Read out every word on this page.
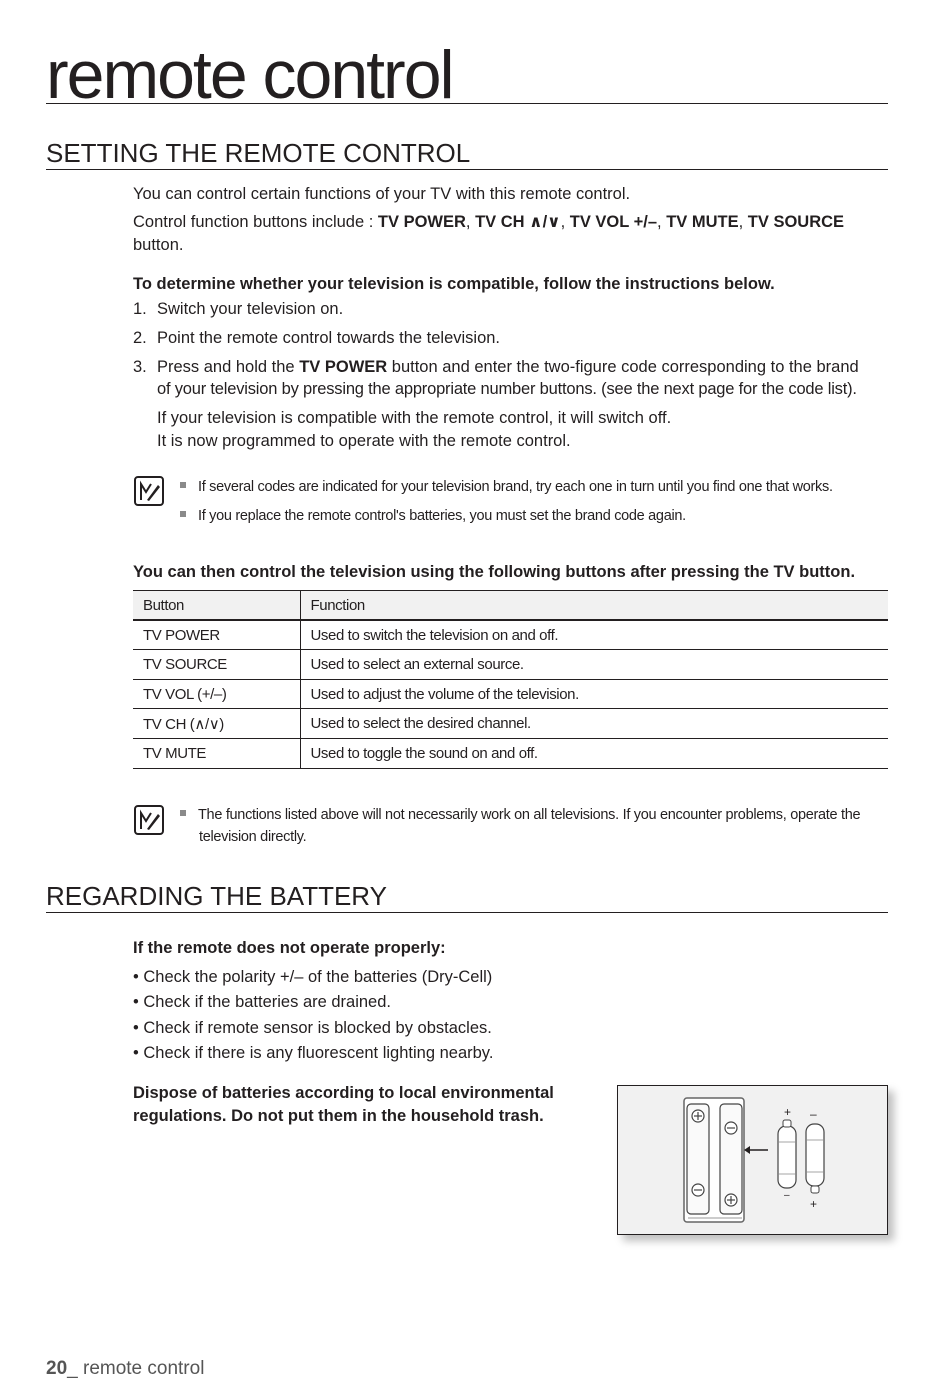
remote control
SETTING THE REMOTE CONTROL
You can control certain functions of your TV with this remote control.
Control function buttons include : TV POWER, TV CH ∧/∨, TV VOL +/–, TV MUTE, TV SOURCE
button.
To determine whether your television is compatible, follow the instructions below.
1. Switch your television on.
2. Point the remote control towards the television.
3. Press and hold the TV POWER button and enter the two-figure code corresponding to the brand
of your television by pressing the appropriate number buttons. (see the next page for the code list).
If your television is compatible with the remote control, it will switch off.
It is now programmed to operate with the remote control.
If several codes are indicated for your television brand, try each one in turn until you find one that works.
If you replace the remote control's batteries, you must set the brand code again.
You can then control the television using the following buttons after pressing the TV button.
Button	Function
TV POWER	Used to switch the television on and off.
TV SOURCE	Used to select an external source.
TV VOL (+/–)	Used to adjust the volume of the television.
TV CH (∧/∨)	Used to select the desired channel.
TV MUTE	Used to toggle the sound on and off.
The functions listed above will not necessarily work on all televisions. If you encounter problems, operate the
television directly.
REGARDING THE BATTERY
If the remote does not operate properly:
• Check the polarity +/– of the batteries (Dry-Cell)
• Check if the batteries are drained.
• Check if remote sensor is blocked by obstacles.
• Check if there is any fluorescent lighting nearby.
Dispose of batteries according to local environmental
regulations. Do not put them in the household trash.	+ –
–
+
20_ remote control
